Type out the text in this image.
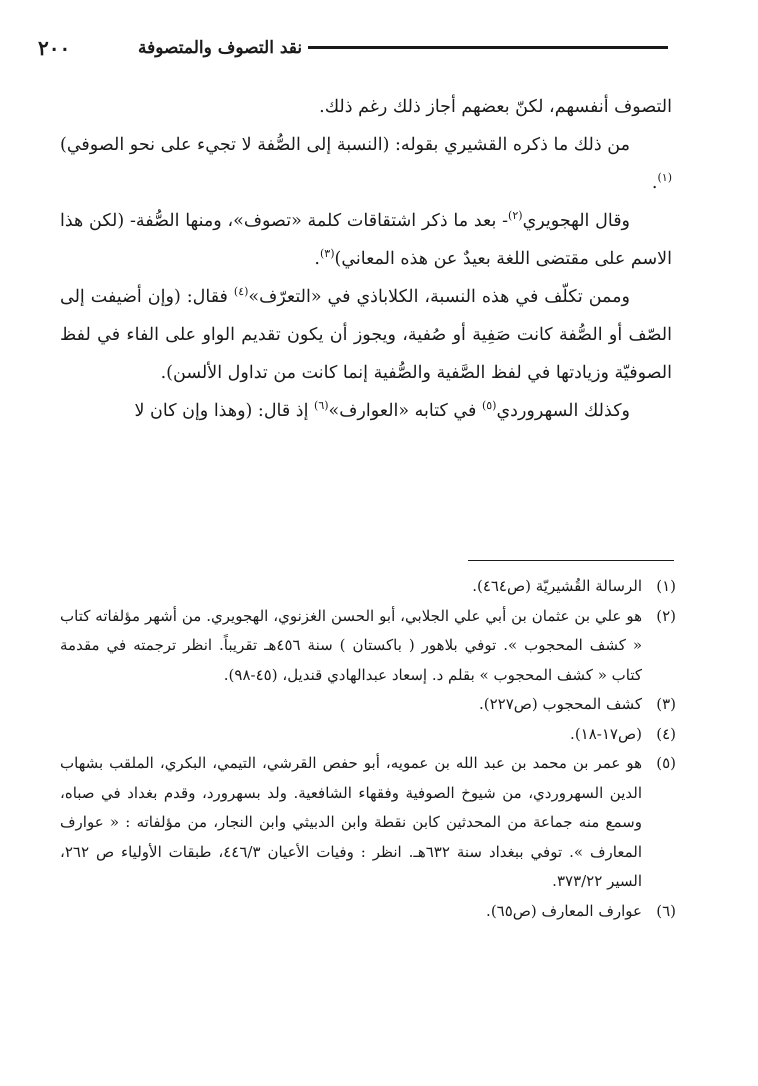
٢٠٠	نقد التصوف والمتصوفة

التصوف أنفسهم، لكنّ بعضهم أجاز ذلك رغم ذلك.

من ذلك ما ذكره القشيري بقوله: (النسبة إلى الصُّفة لا تجيء على نحو الصوفي)$^{(١)}$.

وقال الهجويري$^{(٢)}$- بعد ما ذكر اشتقاقات كلمة «تصوف»، ومنها الصُّفة- (لكن هذا الاسم على مقتضى اللغة بعيدٌ عن هذه المعاني)$^{(٣)}$.

وممن تكلّف في هذه النسبة، الكلاباذي في «التعرّف»$^{(٤)}$ فقال: (وإن أضيفت إلى الصّف أو الصُّفة كانت صَفِية أو صُفية، ويجوز أن يكون تقديم الواو على الفاء في لفظ الصوفيّة وزيادتها في لفظ الصَّفية والصُّفية إنما كانت من تداول الألسن).

وكذلك السهروردي$^{(٥)}$ في كتابه «العوارف»$^{(٦)}$ إذ قال: (وهذا وإن كان لا

(١)
الرسالة القُشيريّة (ص٤٦٤).
(٢)
هو علي بن عثمان بن أبي علي الجلابي، أبو الحسن الغزنوي، الهجويري. من أشهر مؤلفاته كتاب « كشف المحجوب ». توفي بلاهور ( باكستان ) سنة ٤٥٦هـ تقريباً. انظر ترجمته في مقدمة كتاب « كشف المحجوب » بقلم د. إسعاد عبدالهادي قنديل، (٤٥-٩٨).
(٣)
كشف المحجوب (ص٢٢٧).
(٤)
(ص١٧-١٨).
(٥)
هو عمر بن محمد بن عبد الله بن عمويه، أبو حفص القرشي، التيمي، البكري، الملقب بشهاب الدين السهروردي، من شيوخ الصوفية وفقهاء الشافعية. ولد بسهرورد، وقدم بغداد في صباه، وسمع منه جماعة من المحدثين كابن نقطة وابن الدبيثي وابن النجار، من مؤلفاته : « عوارف المعارف ». توفي ببغداد سنة ٦٣٢هـ. انظر : وفيات الأعيان ٤٤٦/٣، طبقات الأولياء ص ٢٦٢، السير ٣٧٣/٢٢.
(٦)
عوارف المعارف (ص٦٥).
